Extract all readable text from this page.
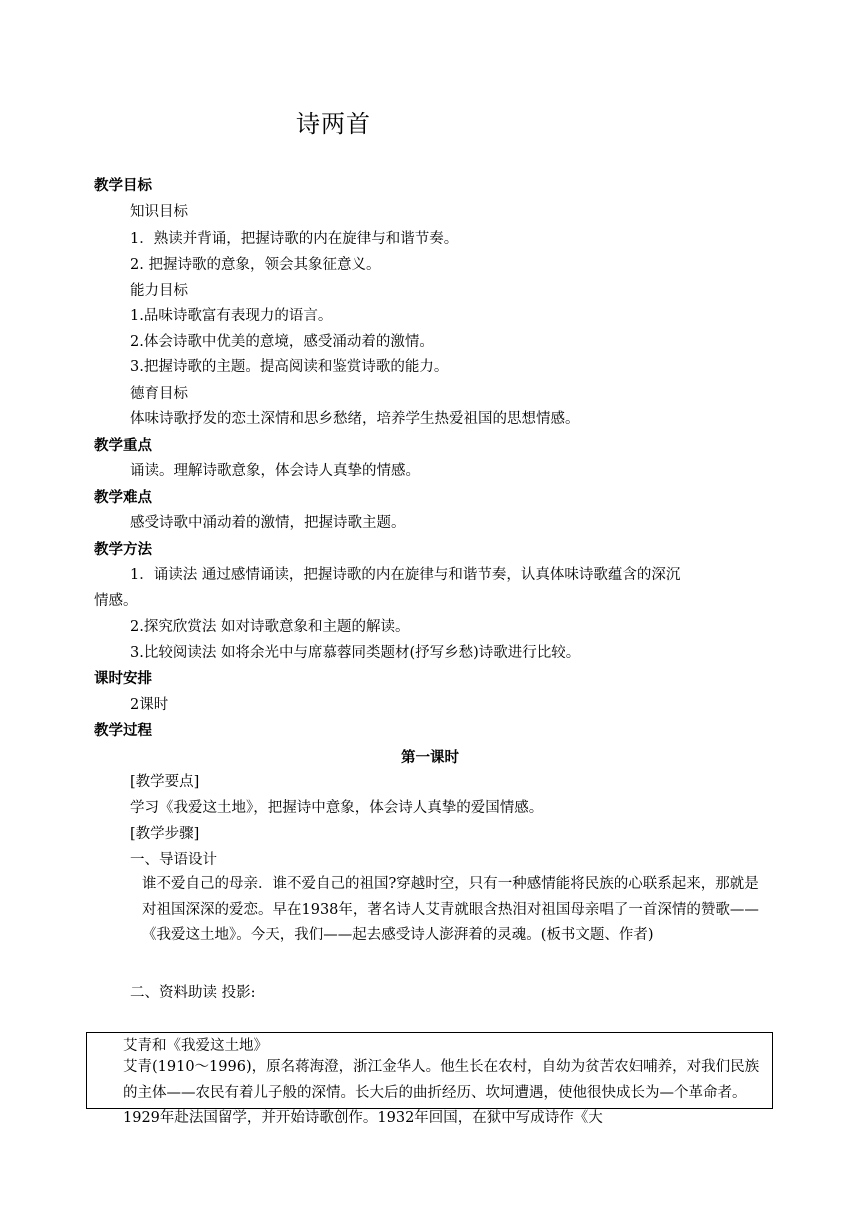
诗两首
教学目标
知识目标
1．熟读并背诵，把握诗歌的内在旋律与和谐节奏。
2. 把握诗歌的意象，领会其象征意义。
能力目标
1.品味诗歌富有表现力的语言。
2.体会诗歌中优美的意境，感受涌动着的激情。
3.把握诗歌的主题。提高阅读和鉴赏诗歌的能力。
德育目标
体味诗歌抒发的恋土深情和思乡愁绪，培养学生热爱祖国的思想情感。
教学重点
诵读。理解诗歌意象，体会诗人真挚的情感。
教学难点
感受诗歌中涌动着的激情，把握诗歌主题。
教学方法
1．诵读法 通过感情诵读，把握诗歌的内在旋律与和谐节奏，认真体味诗歌蕴含的深沉
情感。
2.探究欣赏法 如对诗歌意象和主题的解读。
3.比较阅读法 如将余光中与席慕蓉同类题材(抒写乡愁)诗歌进行比较。
课时安排
2课时
教学过程
第一课时
[教学要点]
学习《我爱这土地》，把握诗中意象，体会诗人真挚的爱国情感。
[教学步骤]
一、导语设计
谁不爱自己的母亲．谁不爱自己的祖国?穿越时空，只有一种感情能将民族的心联系起来，那就是对祖国深深的爱恋。早在1938年，著名诗人艾青就眼含热泪对祖国母亲唱了一首深情的赞歌——《我爱这土地》。今天，我们——起去感受诗人澎湃着的灵魂。(板书文题、作者)
二、资料助读 投影:
艾青和《我爱这土地》
艾青(1910～1996)，原名蒋海澄，浙江金华人。他生长在农村，自幼为贫苦农妇哺养，对我们民族的主体——农民有着儿子般的深情。长大后的曲折经历、坎坷遭遇，使他很快成长为—个革命者。1929年赴法国留学，并开始诗歌创作。1932年回国，在狱中写成诗作《大
